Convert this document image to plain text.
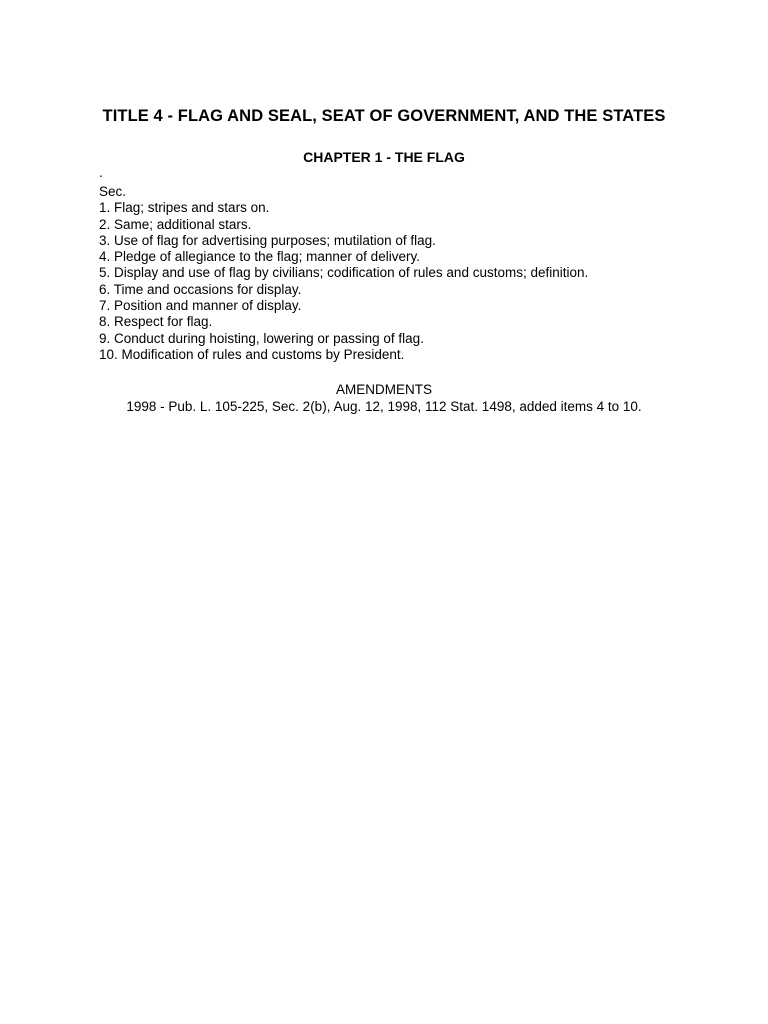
TITLE 4 - FLAG AND SEAL, SEAT OF GOVERNMENT, AND THE STATES
CHAPTER 1 - THE FLAG
.
Sec.
1. Flag; stripes and stars on.
2. Same; additional stars.
3. Use of flag for advertising purposes; mutilation of flag.
4. Pledge of allegiance to the flag; manner of delivery.
5. Display and use of flag by civilians; codification of rules and customs; definition.
6. Time and occasions for display.
7. Position and manner of display.
8. Respect for flag.
9. Conduct during hoisting, lowering or passing of flag.
10. Modification of rules and customs by President.
AMENDMENTS
1998 - Pub. L. 105-225, Sec. 2(b), Aug. 12, 1998, 112 Stat. 1498, added items 4 to 10.
